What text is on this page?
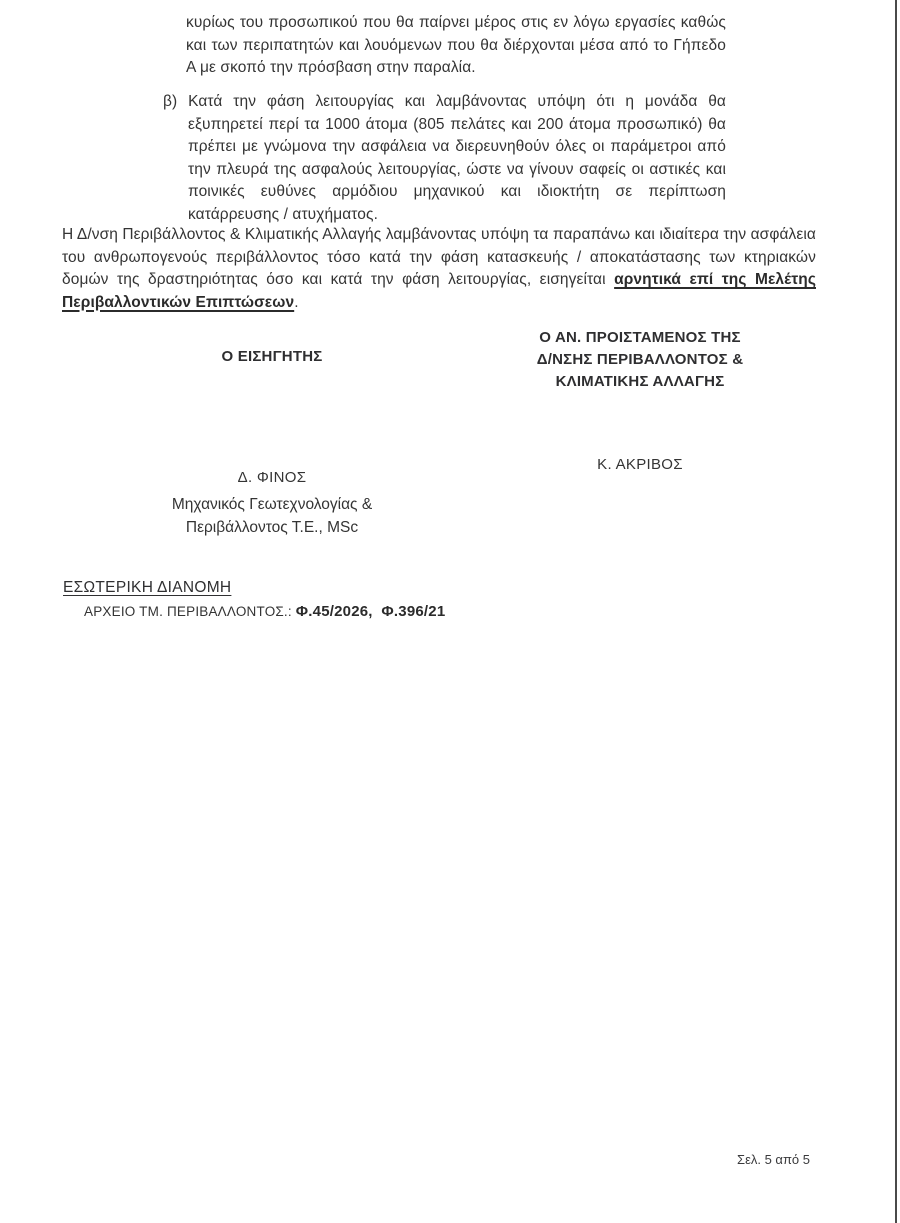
κυρίως του προσωπικού που θα παίρνει μέρος στις εν λόγω εργασίες καθώς και των περιπατητών και λουόμενων που θα διέρχονται μέσα από το Γήπεδο Α με σκοπό την πρόσβαση στην παραλία.
β) Κατά την φάση λειτουργίας και λαμβάνοντας υπόψη ότι η μονάδα θα εξυπηρετεί περί τα 1000 άτομα (805 πελάτες και 200 άτομα προσωπικό) θα πρέπει με γνώμονα την ασφάλεια να διερευνηθούν όλες οι παράμετροι από την πλευρά της ασφαλούς λειτουργίας, ώστε να γίνουν σαφείς οι αστικές και ποινικές ευθύνες αρμόδιου μηχανικού και ιδιοκτήτη σε περίπτωση κατάρρευσης / ατυχήματος.
Η Δ/νση Περιβάλλοντος & Κλιματικής Αλλαγής λαμβάνοντας υπόψη τα παραπάνω και ιδιαίτερα την ασφάλεια του ανθρωπογενούς περιβάλλοντος τόσο κατά την φάση κατασκευής / αποκατάστασης των κτηριακών δομών της δραστηριότητας όσο και κατά την φάση λειτουργίας, εισηγείται αρνητικά επί της Μελέτης Περιβαλλοντικών Επιπτώσεων.
Ο ΕΙΣΗΓΗΤΗΣ
Ο ΑΝ. ΠΡΟΙΣΤΑΜΕΝΟΣ ΤΗΣ
Δ/ΝΣΗΣ ΠΕΡΙΒΑΛΛΟΝΤΟΣ &
ΚΛΙΜΑΤΙΚΗΣ ΑΛΛΑΓΗΣ
Κ. ΑΚΡΙΒΟΣ
Δ. ΦΙΝΟΣ
Μηχανικός Γεωτεχνολογίας &
Περιβάλλοντος Τ.Ε., MSc
ΕΣΩΤΕΡΙΚΗ ΔΙΑΝΟΜΗ
ΑΡΧΕΙΟ ΤΜ. ΠΕΡΙΒΑΛΛΟΝΤΟΣ.: Φ.45/2026,  Φ.396/21
Σελ. 5 από 5
